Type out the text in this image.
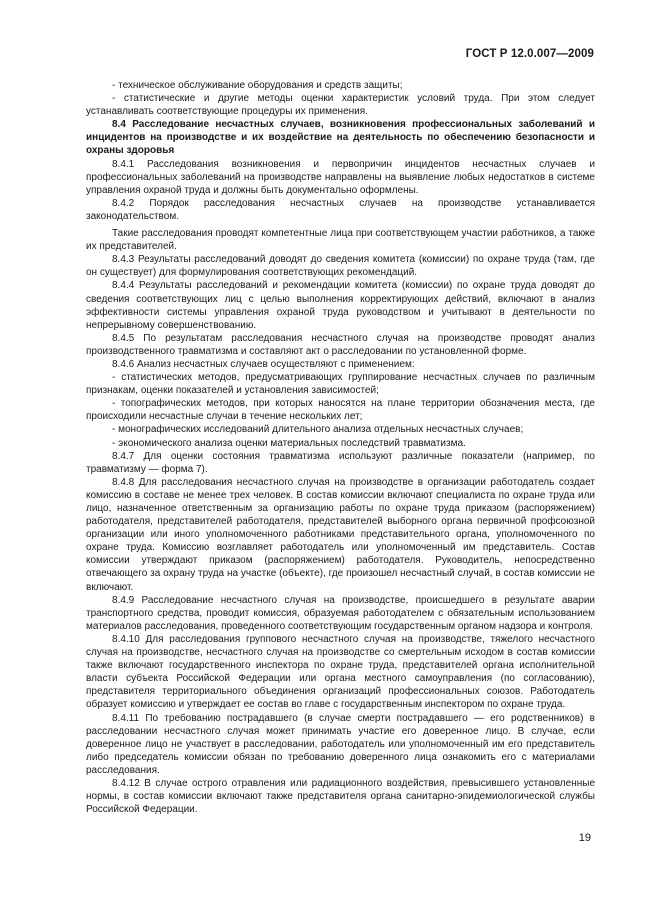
ГОСТ Р 12.0.007—2009

- техническое обслуживание оборудования и средств защиты;

- статистические и другие методы оценки характеристик условий труда. При этом следует устанавливать соответствующие процедуры их применения.

8.4 Расследование несчастных случаев, возникновения профессиональных заболеваний и инцидентов на производстве и их воздействие на деятельность по обеспечению безопасности и охраны здоровья

8.4.1 Расследования возникновения и первопричин инцидентов несчастных случаев и профессиональных заболеваний на производстве направлены на выявление любых недостатков в системе управления охраной труда и должны быть документально оформлены.

8.4.2 Порядок расследования несчастных случаев на производстве устанавливается законодательством.

Такие расследования проводят компетентные лица при соответствующем участии работников, а также их представителей.

8.4.3 Результаты расследований доводят до сведения комитета (комиссии) по охране труда (там, где он существует) для формулирования соответствующих рекомендаций.

8.4.4 Результаты расследований и рекомендации комитета (комиссии) по охране труда доводят до сведения соответствующих лиц с целью выполнения корректирующих действий, включают в анализ эффективности системы управления охраной труда руководством и учитывают в деятельности по непрерывному совершенствованию.

8.4.5 По результатам расследования несчастного случая на производстве проводят анализ производственного травматизма и составляют акт о расследовании по установленной форме.

8.4.6 Анализ несчастных случаев осуществляют с применением:

- статистических методов, предусматривающих группирование несчастных случаев по различным признакам, оценки показателей и установления зависимостей;

- топографических методов, при которых наносятся на плане территории обозначения места, где происходили несчастные случаи в течение нескольких лет;

- монографических исследований длительного анализа отдельных несчастных случаев;

- экономического анализа оценки материальных последствий травматизма.

8.4.7 Для оценки состояния травматизма используют различные показатели (например, по травматизму — форма 7).

8.4.8 Для расследования несчастного случая на производстве в организации работодатель создает комиссию в составе не менее трех человек. В состав комиссии включают специалиста по охране труда или лицо, назначенное ответственным за организацию работы по охране труда приказом (распоряжением) работодателя, представителей работодателя, представителей выборного органа первичной профсоюзной организации или иного уполномоченного работниками представительного органа, уполномоченного по охране труда. Комиссию возглавляет работодатель или уполномоченный им представитель. Состав комиссии утверждают приказом (распоряжением) работодателя. Руководитель, непосредственно отвечающего за охрану труда на участке (объекте), где произошел несчастный случай, в состав комиссии не включают.

8.4.9 Расследование несчастного случая на производстве, происшедшего в результате аварии транспортного средства, проводит комиссия, образуемая работодателем с обязательным использованием материалов расследования, проведенного соответствующим государственным органом надзора и контроля.

8.4.10 Для расследования группового несчастного случая на производстве, тяжелого несчастного случая на производстве, несчастного случая на производстве со смертельным исходом в состав комиссии также включают государственного инспектора по охране труда, представителей органа исполнительной власти субъекта Российской Федерации или органа местного самоуправления (по согласованию), представителя территориального объединения организаций профессиональных союзов. Работодатель образует комиссию и утверждает ее состав во главе с государственным инспектором по охране труда.

8.4.11 По требованию пострадавшего (в случае смерти пострадавшего — его родственников) в расследовании несчастного случая может принимать участие его доверенное лицо. В случае, если доверенное лицо не участвует в расследовании, работодатель или уполномоченный им его представитель либо председатель комиссии обязан по требованию доверенного лица ознакомить его с материалами расследования.

8.4.12 В случае острого отравления или радиационного воздействия, превысившего установленные нормы, в состав комиссии включают также представителя органа санитарно-эпидемиологической службы Российской Федерации.

19
